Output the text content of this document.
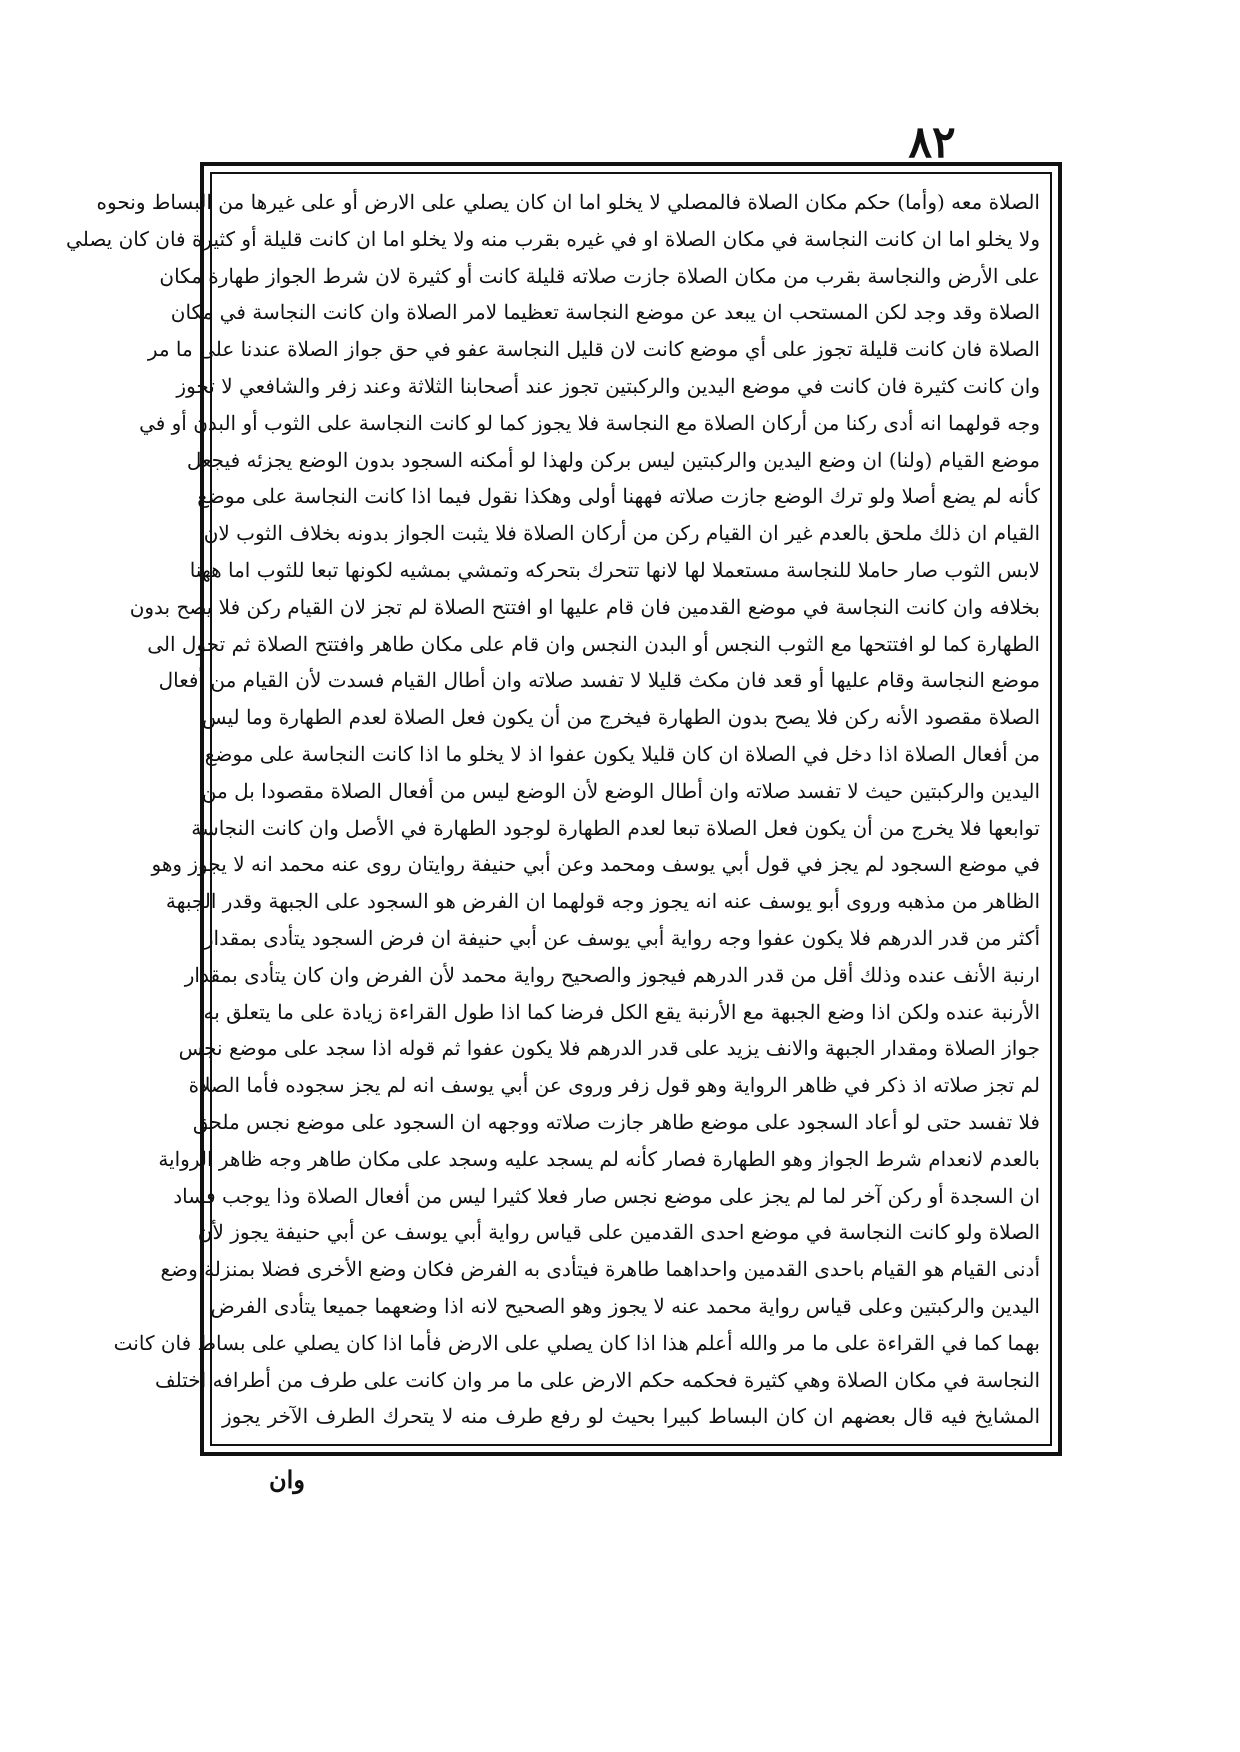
٨٢
الصلاة معه (وأما) حكم مكان الصلاة فالمصلي لا يخلو اما ان كان يصلي على الارض أو على غيرها من البساط ونحوه
ولا يخلو اما ان كانت النجاسة في مكان الصلاة او في غيره بقرب منه ولا يخلو اما ان كانت قليلة أو كثيرة فان كان يصلي
على الأرض والنجاسة بقرب من مكان الصلاة جازت صلاته قليلة كانت أو كثيرة لان شرط الجواز طهارة مكان
الصلاة وقد وجد لكن المستحب ان يبعد عن موضع النجاسة تعظيما لامر الصلاة وان كانت النجاسة في مكان
الصلاة فان كانت قليلة تجوز على أي موضع كانت لان قليل النجاسة عفو في حق جواز الصلاة عندنا على ما مر
وان كانت كثيرة فان كانت في موضع اليدين والركبتين تجوز عند أصحابنا الثلاثة وعند زفر والشافعي لا تجوز
وجه قولهما انه أدى ركنا من أركان الصلاة مع النجاسة فلا يجوز كما لو كانت النجاسة على الثوب أو البدن أو في
موضع القيام (ولنا) ان وضع اليدين والركبتين ليس بركن ولهذا لو أمكنه السجود بدون الوضع يجزئه فيجعل
كأنه لم يضع أصلا ولو ترك الوضع جازت صلاته فههنا أولى وهكذا نقول فيما اذا كانت النجاسة على موضع
القيام ان ذلك ملحق بالعدم غير ان القيام ركن من أركان الصلاة فلا يثبت الجواز بدونه بخلاف الثوب لان
لابس الثوب صار حاملا للنجاسة مستعملا لها لانها تتحرك بتحركه وتمشي بمشيه لكونها تبعا للثوب اما ههنا
بخلافه وان كانت النجاسة في موضع القدمين فان قام عليها او افتتح الصلاة لم تجز لان القيام ركن فلا يصح بدون
الطهارة كما لو افتتحها مع الثوب النجس أو البدن النجس وان قام على مكان طاهر وافتتح الصلاة ثم تحول الى
موضع النجاسة وقام عليها أو قعد فان مكث قليلا لا تفسد صلاته وان أطال القيام فسدت لأن القيام من أفعال
الصلاة مقصود الأنه ركن فلا يصح بدون الطهارة فيخرج من أن يكون فعل الصلاة لعدم الطهارة وما ليس
من أفعال الصلاة اذا دخل في الصلاة ان كان قليلا يكون عفوا اذ لا يخلو ما اذا كانت النجاسة على موضع
اليدين والركبتين حيث لا تفسد صلاته وان أطال الوضع لأن الوضع ليس من أفعال الصلاة مقصودا بل من
توابعها فلا يخرج من أن يكون فعل الصلاة تبعا لعدم الطهارة لوجود الطهارة في الأصل وان كانت النجاسة
في موضع السجود لم يجز في قول أبي يوسف ومحمد وعن أبي حنيفة روايتان روى عنه محمد انه لا يجوز وهو
الظاهر من مذهبه وروى أبو يوسف عنه انه يجوز وجه قولهما ان الفرض هو السجود على الجبهة وقدر الجبهة
أكثر من قدر الدرهم فلا يكون عفوا وجه رواية أبي يوسف عن أبي حنيفة ان فرض السجود يتأدى بمقدار
ارنبة الأنف عنده وذلك أقل من قدر الدرهم فيجوز والصحيح رواية محمد لأن الفرض وان كان يتأدى بمقدار
الأرنبة عنده ولكن اذا وضع الجبهة مع الأرنبة يقع الكل فرضا كما اذا طول القراءة زيادة على ما يتعلق به
جواز الصلاة ومقدار الجبهة والانف يزيد على قدر الدرهم فلا يكون عفوا ثم قوله اذا سجد على موضع نجس
لم تجز صلاته اذ ذكر في ظاهر الرواية وهو قول زفر وروى عن أبي يوسف انه لم يجز سجوده فأما الصلاة
فلا تفسد حتى لو أعاد السجود على موضع طاهر جازت صلاته ووجهه ان السجود على موضع نجس ملحق
بالعدم لانعدام شرط الجواز وهو الطهارة فصار كأنه لم يسجد عليه وسجد على مكان طاهر وجه ظاهر الرواية
ان السجدة أو ركن آخر لما لم يجز على موضع نجس صار فعلا كثيرا ليس من أفعال الصلاة وذا يوجب فساد
الصلاة ولو كانت النجاسة في موضع احدى القدمين على قياس رواية أبي يوسف عن أبي حنيفة يجوز لأن
أدنى القيام هو القيام باحدى القدمين واحداهما طاهرة فيتأدى به الفرض فكان وضع الأخرى فضلا بمنزلة وضع
اليدين والركبتين وعلى قياس رواية محمد عنه لا يجوز وهو الصحيح لانه اذا وضعهما جميعا يتأدى الفرض
بهما كما في القراءة على ما مر والله أعلم هذا اذا كان يصلي على الارض فأما اذا كان يصلي على بساط فان كانت
النجاسة في مكان الصلاة وهي كثيرة فحكمه حكم الارض على ما مر وان كانت على طرف من أطرافه اختلف
المشايخ فيه قال بعضهم ان كان البساط كبيرا بحيث لو رفع طرف منه لا يتحرك الطرف الآخر يجوز
وان
